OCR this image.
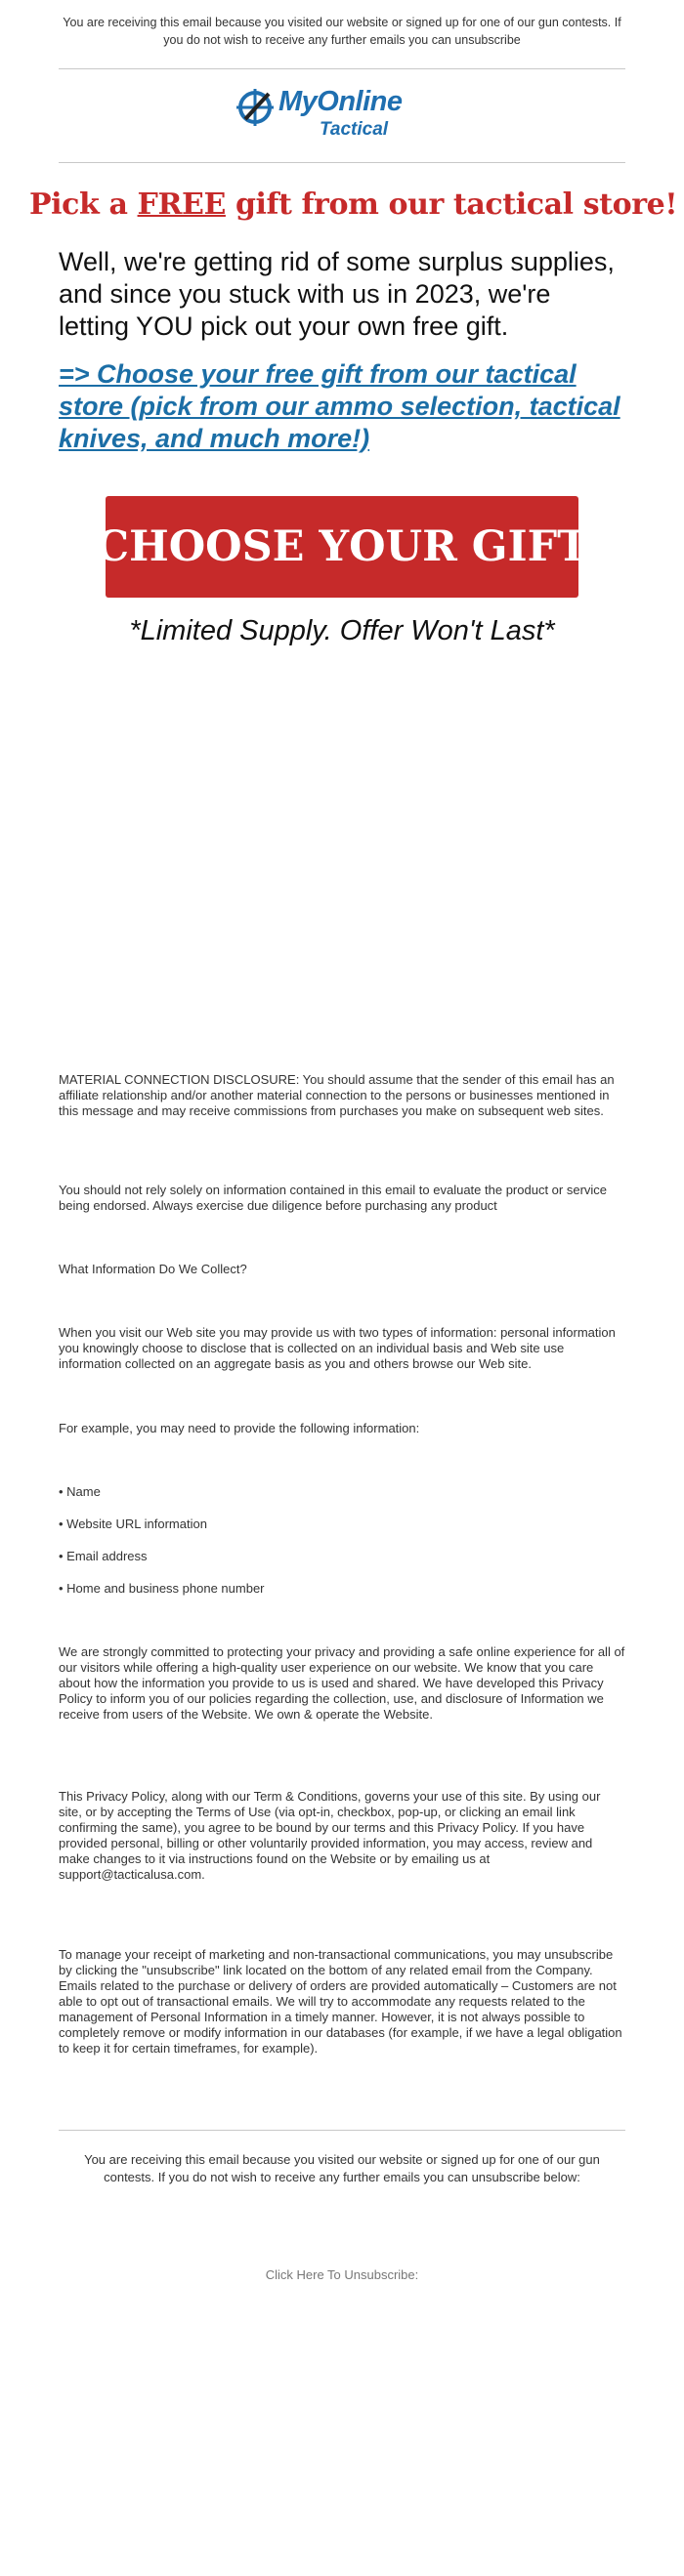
You are receiving this email because you visited our website or signed up for one of our gun contests. If you do not wish to receive any further emails you can unsubscribe
MyOnline
Tactical
Pick a FREE gift from our tactical store!
Well, we're getting rid of some surplus supplies, and since you stuck with us in 2023, we're letting YOU pick out your own free gift.
=> Choose your free gift from our tactical store (pick from our ammo selection, tactical knives, and much more!)
CHOOSE YOUR GIFT
*Limited Supply. Offer Won't Last*
MATERIAL CONNECTION DISCLOSURE: You should assume that the sender of this email has an affiliate relationship and/or another material connection to the persons or businesses mentioned in this message and may receive commissions from purchases you make on subsequent web sites.
You should not rely solely on information contained in this email to evaluate the product or service being endorsed. Always exercise due diligence before purchasing any product
What Information Do We Collect?
When you visit our Web site you may provide us with two types of information: personal information you knowingly choose to disclose that is collected on an individual basis and Web site use information collected on an aggregate basis as you and others browse our Web site.
For example, you may need to provide the following information:
• Name
• Website URL information
• Email address
• Home and business phone number
We are strongly committed to protecting your privacy and providing a safe online experience for all of our visitors while offering a high-quality user experience on our website. We know that you care about how the information you provide to us is used and shared. We have developed this Privacy Policy to inform you of our policies regarding the collection, use, and disclosure of Information we receive from users of the Website. We own & operate the Website.
This Privacy Policy, along with our Term & Conditions, governs your use of this site. By using our site, or by accepting the Terms of Use (via opt-in, checkbox, pop-up, or clicking an email link confirming the same), you agree to be bound by our terms and this Privacy Policy. If you have provided personal, billing or other voluntarily provided information, you may access, review and make changes to it via instructions found on the Website or by emailing us at support@tacticalusa.com.
To manage your receipt of marketing and non-transactional communications, you may unsubscribe by clicking the "unsubscribe" link located on the bottom of any related email from the Company. Emails related to the purchase or delivery of orders are provided automatically – Customers are not able to opt out of transactional emails. We will try to accommodate any requests related to the management of Personal Information in a timely manner. However, it is not always possible to completely remove or modify information in our databases (for example, if we have a legal obligation to keep it for certain timeframes, for example).
You are receiving this email because you visited our website or signed up for one of our gun contests. If you do not wish to receive any further emails you can unsubscribe below:
Click Here To Unsubscribe:
